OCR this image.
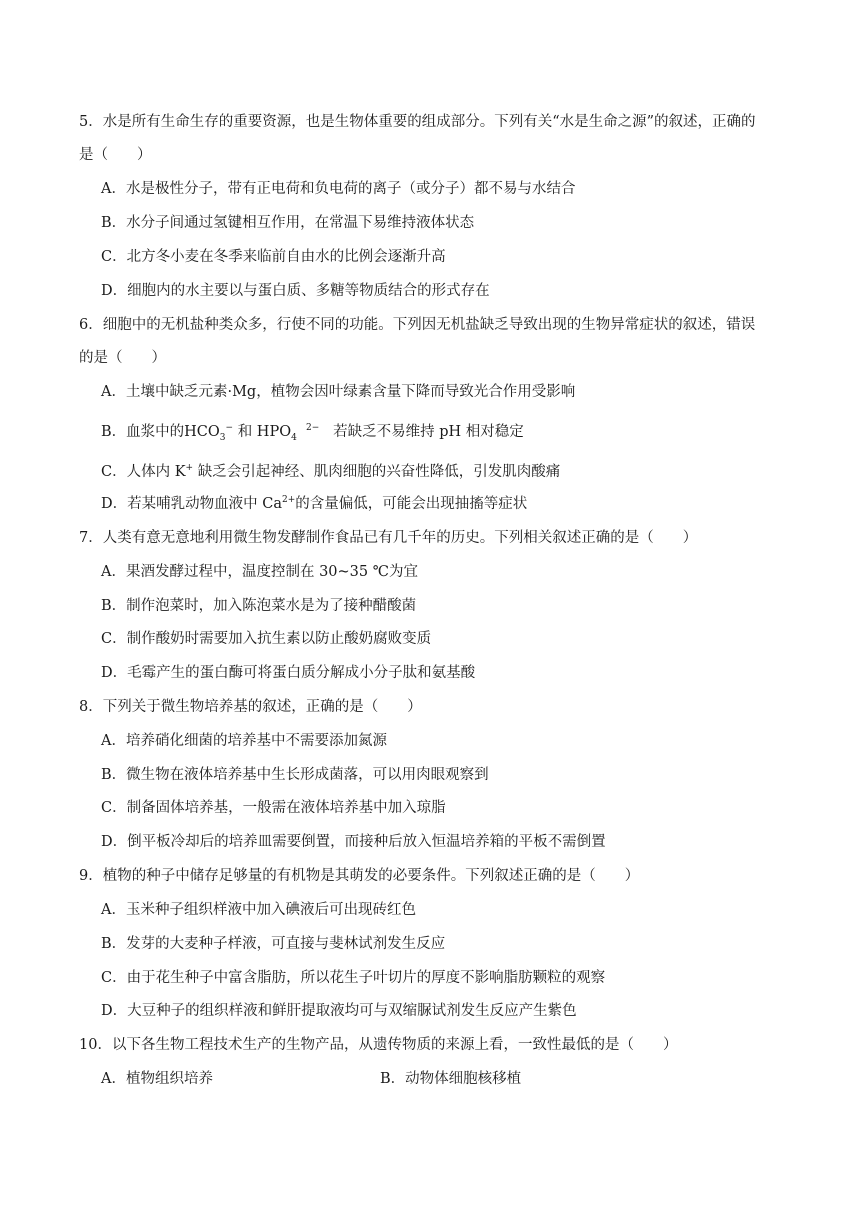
5．水是所有生命生存的重要资源，也是生物体重要的组成部分。下列有关“水是生命之源”的叙述，正确的
是（　　）
A．水是极性分子，带有正电荷和负电荷的离子（或分子）都不易与水结合
B．水分子间通过氢键相互作用，在常温下易维持液体状态
C．北方冬小麦在冬季来临前自由水的比例会逐渐升高
D．细胞内的水主要以与蛋白质、多糖等物质结合的形式存在
6．细胞中的无机盐种类众多，行使不同的功能。下列因无机盐缺乏导致出现的生物异常症状的叙述，错误
的是（　　）
A．土壤中缺乏元素·Mg，植物会因叶绿素含量下降而导致光合作用受影响
B．血浆中的$HCO_3^-$ 和 $HPO_4$  $^{2-}$ 若缺乏不易维持 pH 相对稳定
C．人体内 K+ 缺乏会引起神经、肌肉细胞的兴奋性降低，引发肌肉酸痛
D．若某哺乳动物血液中 $Ca^{2+}$的含量偏低，可能会出现抽搐等症状
7．人类有意无意地利用微生物发酵制作食品已有几千年的历史。下列相关叙述正确的是（　　）
A．果酒发酵过程中，温度控制在 30~35 ℃为宜
B．制作泡菜时，加入陈泡菜水是为了接种醋酸菌
C．制作酸奶时需要加入抗生素以防止酸奶腐败变质
D．毛霉产生的蛋白酶可将蛋白质分解成小分子肽和氨基酸
8．下列关于微生物培养基的叙述，正确的是（　　）
A．培养硝化细菌的培养基中不需要添加氮源
B．微生物在液体培养基中生长形成菌落，可以用肉眼观察到
C．制备固体培养基，一般需在液体培养基中加入琼脂
D．倒平板冷却后的培养皿需要倒置，而接种后放入恒温培养箱的平板不需倒置
9．植物的种子中储存足够量的有机物是其萌发的必要条件。下列叙述正确的是（　　）
A．玉米种子组织样液中加入碘液后可出现砖红色
B．发芽的大麦种子样液，可直接与斐林试剂发生反应
C．由于花生种子中富含脂肪，所以花生子叶切片的厚度不影响脂肪颗粒的观察
D．大豆种子的组织样液和鲜肝提取液均可与双缩脲试剂发生反应产生紫色
10．以下各生物工程技术生产的生物产品，从遗传物质的来源上看，一致性最低的是（　　）
A．植物组织培养	B．动物体细胞核移植
